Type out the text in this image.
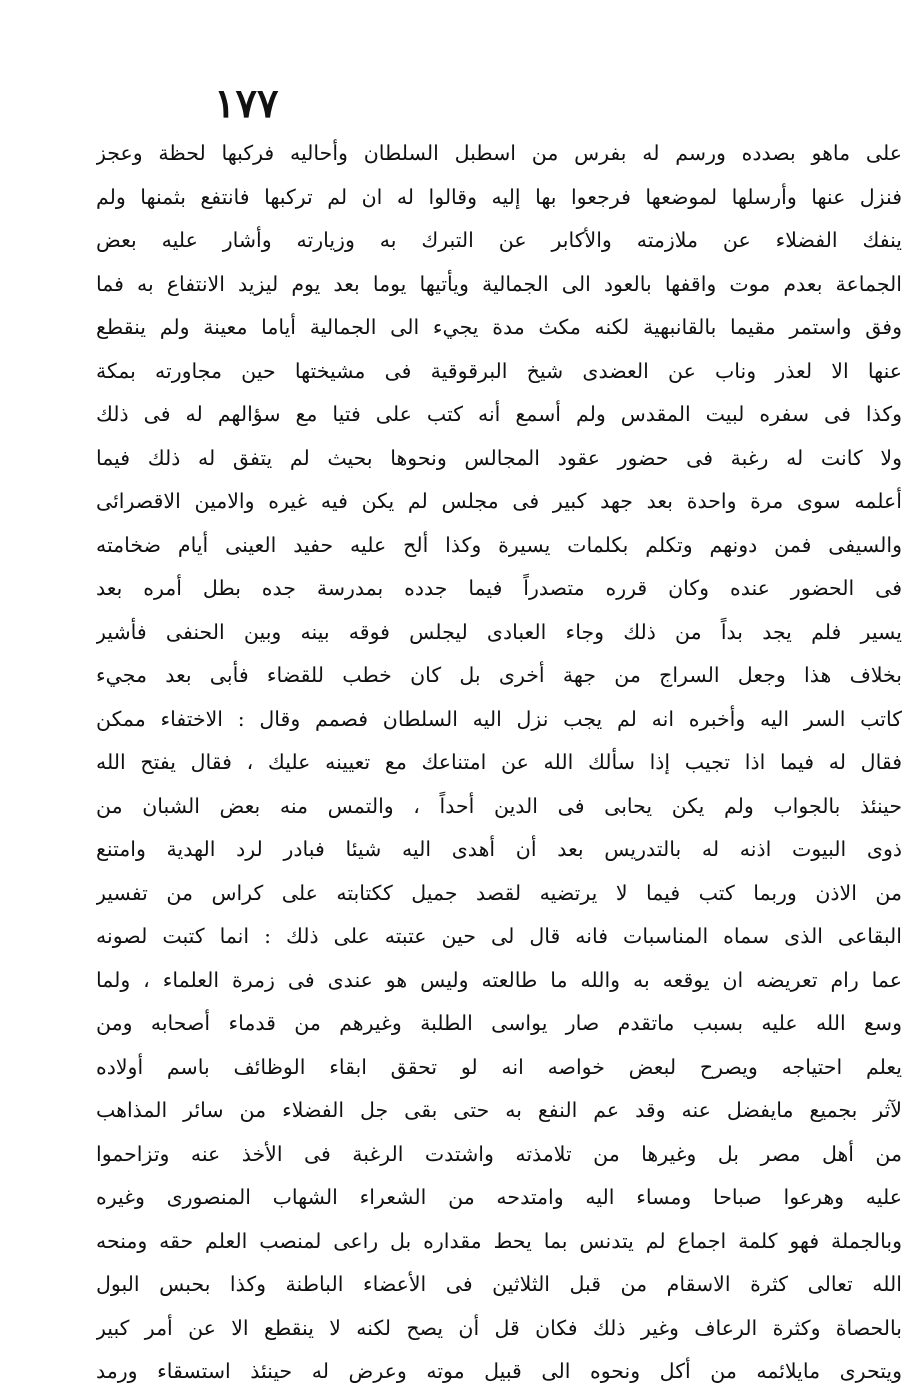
١٧٧
على ماهو بصدده ورسم له بفرس من اسطبل السلطان وأحاليه فركبها لحظة وعجز
فنزل عنها وأرسلها لموضعها فرجعوا بها إليه وقالوا له ان لم تركبها فانتفع بثمنها ولم
ينفك الفضلاء عن ملازمته والأكابر عن التبرك به وزيارته وأشار عليه بعض
الجماعة بعدم موت واقفها بالعود الى الجمالية ويأتيها يوما بعد يوم ليزيد الانتفاع به فما
وفق واستمر مقيما بالقانبهية لكنه مكث مدة يجيء الى الجمالية أياما معينة ولم ينقطع
عنها الا لعذر وناب عن العضدى شيخ البرقوقية فى مشيختها حين مجاورته بمكة
وكذا فى سفره لبيت المقدس ولم أسمع أنه كتب على فتيا مع سؤالهم له فى ذلك
ولا كانت له رغبة فى حضور عقود المجالس ونحوها بحيث لم يتفق له ذلك فيما
أعلمه سوى مرة واحدة بعد جهد كبير فى مجلس لم يكن فيه غيره والامين الاقصرائى
والسيفى فمن دونهم وتكلم بكلمات يسيرة وكذا ألح عليه حفيد العينى أيام ضخامته
فى الحضور عنده وكان قرره متصدراً فيما جدده بمدرسة جده بطل أمره بعد
يسير فلم يجد بداً من ذلك وجاء العبادى ليجلس فوقه بينه وبين الحنفى فأشير
بخلاف هذا وجعل السراج من جهة أخرى بل كان خطب للقضاء فأبى بعد مجيء
كاتب السر اليه وأخبره انه لم يجب نزل اليه السلطان فصمم وقال : الاختفاء ممكن
فقال له فيما اذا تجيب إذا سألك الله عن امتناعك مع تعيينه عليك ، فقال يفتح الله
حينئذ بالجواب ولم يكن يحابى فى الدين أحداً ، والتمس منه بعض الشبان من
ذوى البيوت اذنه له بالتدريس بعد أن أهدى اليه شيئا فبادر لرد الهدية وامتنع
من الاذن وربما كتب فيما لا يرتضيه لقصد جميل ككتابته على كراس من تفسير
البقاعى الذى سماه المناسبات فانه قال لى حين عتبته على ذلك : انما كتبت لصونه
عما رام تعريضه ان يوقعه به والله ما طالعته وليس هو عندى فى زمرة العلماء ، ولما
وسع الله عليه بسبب ماتقدم صار يواسى الطلبة وغيرهم من قدماء أصحابه ومن
يعلم احتياجه ويصرح لبعض خواصه انه لو تحقق ابقاء الوظائف باسم أولاده
لآثر بجميع مايفضل عنه وقد عم النفع به حتى بقى جل الفضلاء من سائر المذاهب
من أهل مصر بل وغيرها من تلامذته واشتدت الرغبة فى الأخذ عنه وتزاحموا
عليه وهرعوا صباحا ومساء اليه وامتدحه من الشعراء الشهاب المنصورى وغيره
وبالجملة فهو كلمة اجماع لم يتدنس بما يحط مقداره بل راعى لمنصب العلم حقه ومنحه
الله تعالى كثرة الاسقام من قبل الثلاثين فى الأعضاء الباطنة وكذا بحبس البول
بالحصاة وكثرة الرعاف وغير ذلك فكان قل أن يصح لكنه لا ينقطع الا عن أمر كبير
ويتحرى مايلائمه من أكل ونحوه الى قبيل موته وعرض له حينئذ استسقاء ورمد
